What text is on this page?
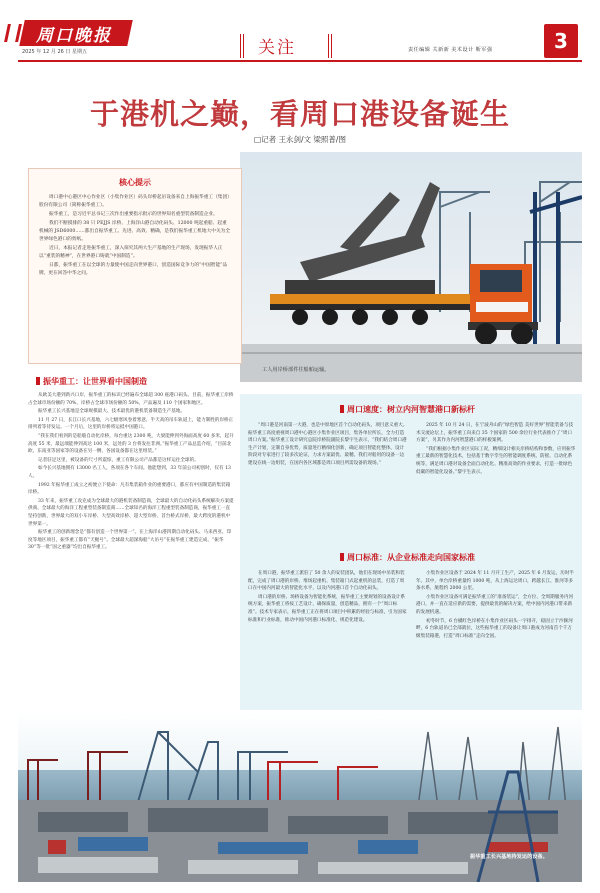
周口晚报
2025 年 12 月 26 日 星期五	关注	责任编辑 关新新 美术设计 靳军强	3
于港机之巅，看周口港设备诞生
□记者 王永剑/文 梁照普/图
工人用岸桥部件往船舶运输。
核心提示

周口港中心港区中心作业区（小集作业区）码头岸桥起吊设备来自上海振华重工（集团）股份有限公司（简称振华重工）。

振华重工，是习近平总书记三次作出重要指示批示的世界知名重型装备制造企业。

我们不断摸排的 38 只 PEJJS 岸桥、上海洋山港自动化码头、12000 吨起重船、起重机械的 JSD6000……都出自振华重工。先进、高效、精确，是我们振华重工机地大中关为全世界绿色港口的剪纸。

近日，本报记者走进振华重工，深入探究其两大生产基地的生产现场，发现振华人正以“重装的精神”，在世界港口铸就“中国制造”。

日都，振华重工在以全球的力量使中国走向世界港口，创造国际竞争力的“中国智能”品牌，更在回答中华之问。

振华重工：让世界看中国制造

从欧美大港到新兴口岸，振华重工的标识已经遍布全球超 300 座港口码头。目前，振华重工岸桥占全球市场份额的 70%，岸桥占全球市场份额的 50%，产品遍及 110 个国家和地区。

振华重工长兴基地是全球规模最大、技术最优的港机装备制造生产基地。

11 月 27 日，长江口长兴基地，六七级寒风卷着寒意，半天高的吊车轨道上，能力制胜的岸桥正排列着等待发运。一个月后，这里的岸桥将运抵中国港口。

“我在我们看到的是船舶自动化岸桥，每台重达 2300 吨，大梁能伸到外海面高度 60 多米，起升高度 55 米，最远端能伸到高达 100 米，远处的 3 台将发往非洲。”振华重工产品总监介绍，“目前北欧、东南亚等国家等的设备在另一侧，各国设备都在这里组装。”

记者驻足这里，被设备的尺寸所震惊，重工有限公司产品都是这样运往全球的。

如今长兴基地拥有 13000 名工人，各项在各个车间。他能想到，33 年前公司初创时，仅有 13 人。

1992 年振华重工成立之初便立下使命：凡有集装箱作业的重要港口，都应有中国制造的集装箱岸桥。

33 年来，振华重工攻克成为全球最大的港机装备制造商，全球最大的自动化码头系统解决方案提供商、全球最大的海洋工程重型装备制造商……全球知名的海洋工程重型装备制造商，振华重工一直坚持创新，世界最大的双小车岸桥、大型高效岸桥、超大型岸桥、首台桥式岸桥，最大跨度的港机中世界第一。

振华重工的创新理念是“都有创造一个世界第一”。在上海洋山港四期自动化码头、马来西亚、印度等地区项目，振华重工都有“天鲲号”。全球最大超深海船“大吊号”在振华重工建造完成、“振华 30”等一批“国之重器”均出自振华重工。

周口速度：树立内河智慧港口新标杆

“周口港是河南第一大港，也是中原地区首个自动化码头，项目意义重大。振华重工高度重视周口港中心港区小集作业区项目，集各单位所长，全力打造周口方案。”振华重工设计研究总院岸桥院副院长黎宇生表示，“我们结合周口港生产计划，定制自身优势，质量进行精细化创新，确定项目智能化整体，设计阶段对专家进行了较多次论证，力求方案最优、最精。我们对船用的设备一边建设在线一边组装，在国内各区域都是周口项目所需设备的现场。”

2025 年 10 月 24 日，在宁波舟山的“绿色智造 美好世界”智能装备与技术交流论坛上，振华重工向来自 35 个国家的 500 余位行业代表推介了“周口方案”，另其作为内河智慧港口的样板案例。

“我们根据小集作业区实际工况，精细设计相关岸桥结构和参数，应用振华重工最新的智慧化技术，包括基于数字孪生的智能调度系统、防摇、自动化系统等，满足周口港对设备全面自动化化、精准高效的作业要求，打造一批绿色低碳的智能化设备。”黎宇生表示。

周口标准：从企业标准走向国家标准

在周口港，振华重工派驻了 50 余人的安装团队，他们在现场中吊装和装配，完成了周口港的岸桥、堆场起重机、集装箱门式起重机的总装，打造了周口在中国内河最大的智能化水平，以及内河港口首个自动化码头。

周口港的岸桥、场桥设备为智能化系统，振华重工主要规划的设备设计系统方案，振华重工将按工艺设计，确保质量，创造精品，拥有一个“周口标准”。技术专家表示，振华重工正在将周口项目中积累的经验与标准，引为国家标准和行业标准，推动中国内河港口标准化、规范化建设。

小集作业区设备于 2024 年 11 月开工生产，2025 年 6 月发运，历时半年。其中，单台岸桥重量约 1000 吨，从上海运达周口，跨越长江、淮河等多条水系，航程约 2000 公里。

小集作业区设备可满足振华重工的“准备装运”，全方位、全周期服务内河港口，并一直在适应新的需要，提供最优的解决方案，给中国内河港口带来新的发展机遇。

初冬时节，6 台橘红色岸桥在小集作业区码头一字排开，稳固立于沙颍河畔，6 台轨道吊已全部就位，这些振华重工的设备让周口港成为河南首个千万级集装箱港，打造“周口标准”走向全国。

振华重工长兴基地待发运的设备。
